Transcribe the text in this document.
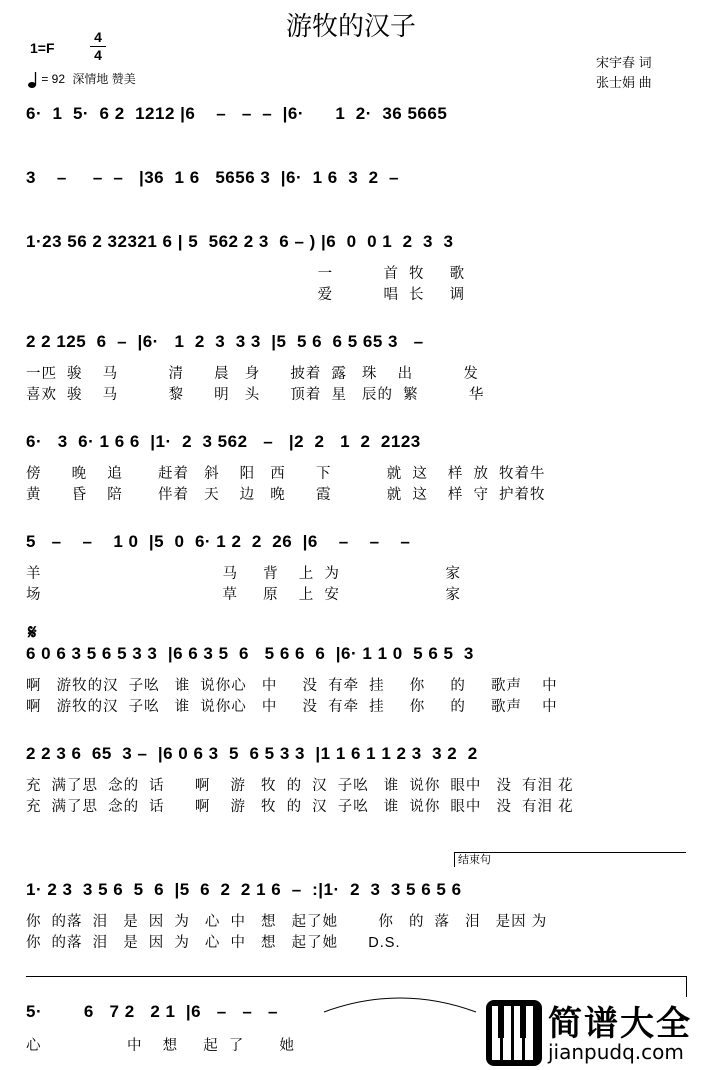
游牧的汉子
1=F
4
4
= 92 深情地 赞美
宋宇春 词
张士娟 曲
6·  1  5·  6 2  1212 |6    –   –  –  |6·      1  2·  36 5665
3    –     –  –   |36  1 6   5656 3  |6·  1 6  3  2  –
1·23 56 2 32321 6 | 5  562 2 3  6 – ) |6  0  0 1  2  3  3
一          首  牧     歌
爱          唱  长     调
2 2 125  6  –  |6·   1  2  3  3 3  |5  5 6  6 5 65 3   –
一匹  骏    马          清      晨   身      披着  露   珠    出          发
喜欢  骏    马          黎      明   头      顶着  星   辰的  繁          华
6·   3  6· 1 6 6  |1·  2  3 562   –   |2  2   1  2  2123
傍      晚    追       赶着   斜    阳   西      下           就  这    样  放  牧着牛
黄      昏    陪       伴着   天    边   晚      霞           就  这    样  守  护着牧
5   –    –    1 0  |5  0  6· 1 2  2  26  |6    –    –    –
羊                                    马     背    上  为                     家
场                                    草     原    上  安                     家
𝄋
6 0 6 3 5 6 5 3 3  |6 6 3 5  6   5 6 6  6  |6· 1 1 0  5 6 5  3
啊   游牧的汉  子吆   谁  说你心   中     没  有牵  挂     你     的     歌声    中
啊   游牧的汉  子吆   谁  说你心   中     没  有牵  挂     你     的     歌声    中
2 2 3 6  65  3 –  |6 0 6 3  5  6 5 3 3  |1 1 6 1 1 2 3  3 2  2
充  满了思  念的  话      啊    游   牧  的  汉  子吆   谁  说你  眼中   没  有泪 花
充  满了思  念的  话      啊    游   牧  的  汉  子吆   谁  说你  眼中   没  有泪 花
结束句
1· 2 3  3 5 6  5  6  |5  6  2  2 1 6  –  :|1·  2  3  3 5 6 5 6
你  的落  泪   是  因  为   心  中   想   起了她        你   的  落   泪   是因 为
你  的落  泪   是  因  为   心  中   想   起了她      D.S.
5·        6   7 2   2 1  |6   –   –   –
心                 中    想     起  了       她
简谱大全
jianpudq.com
